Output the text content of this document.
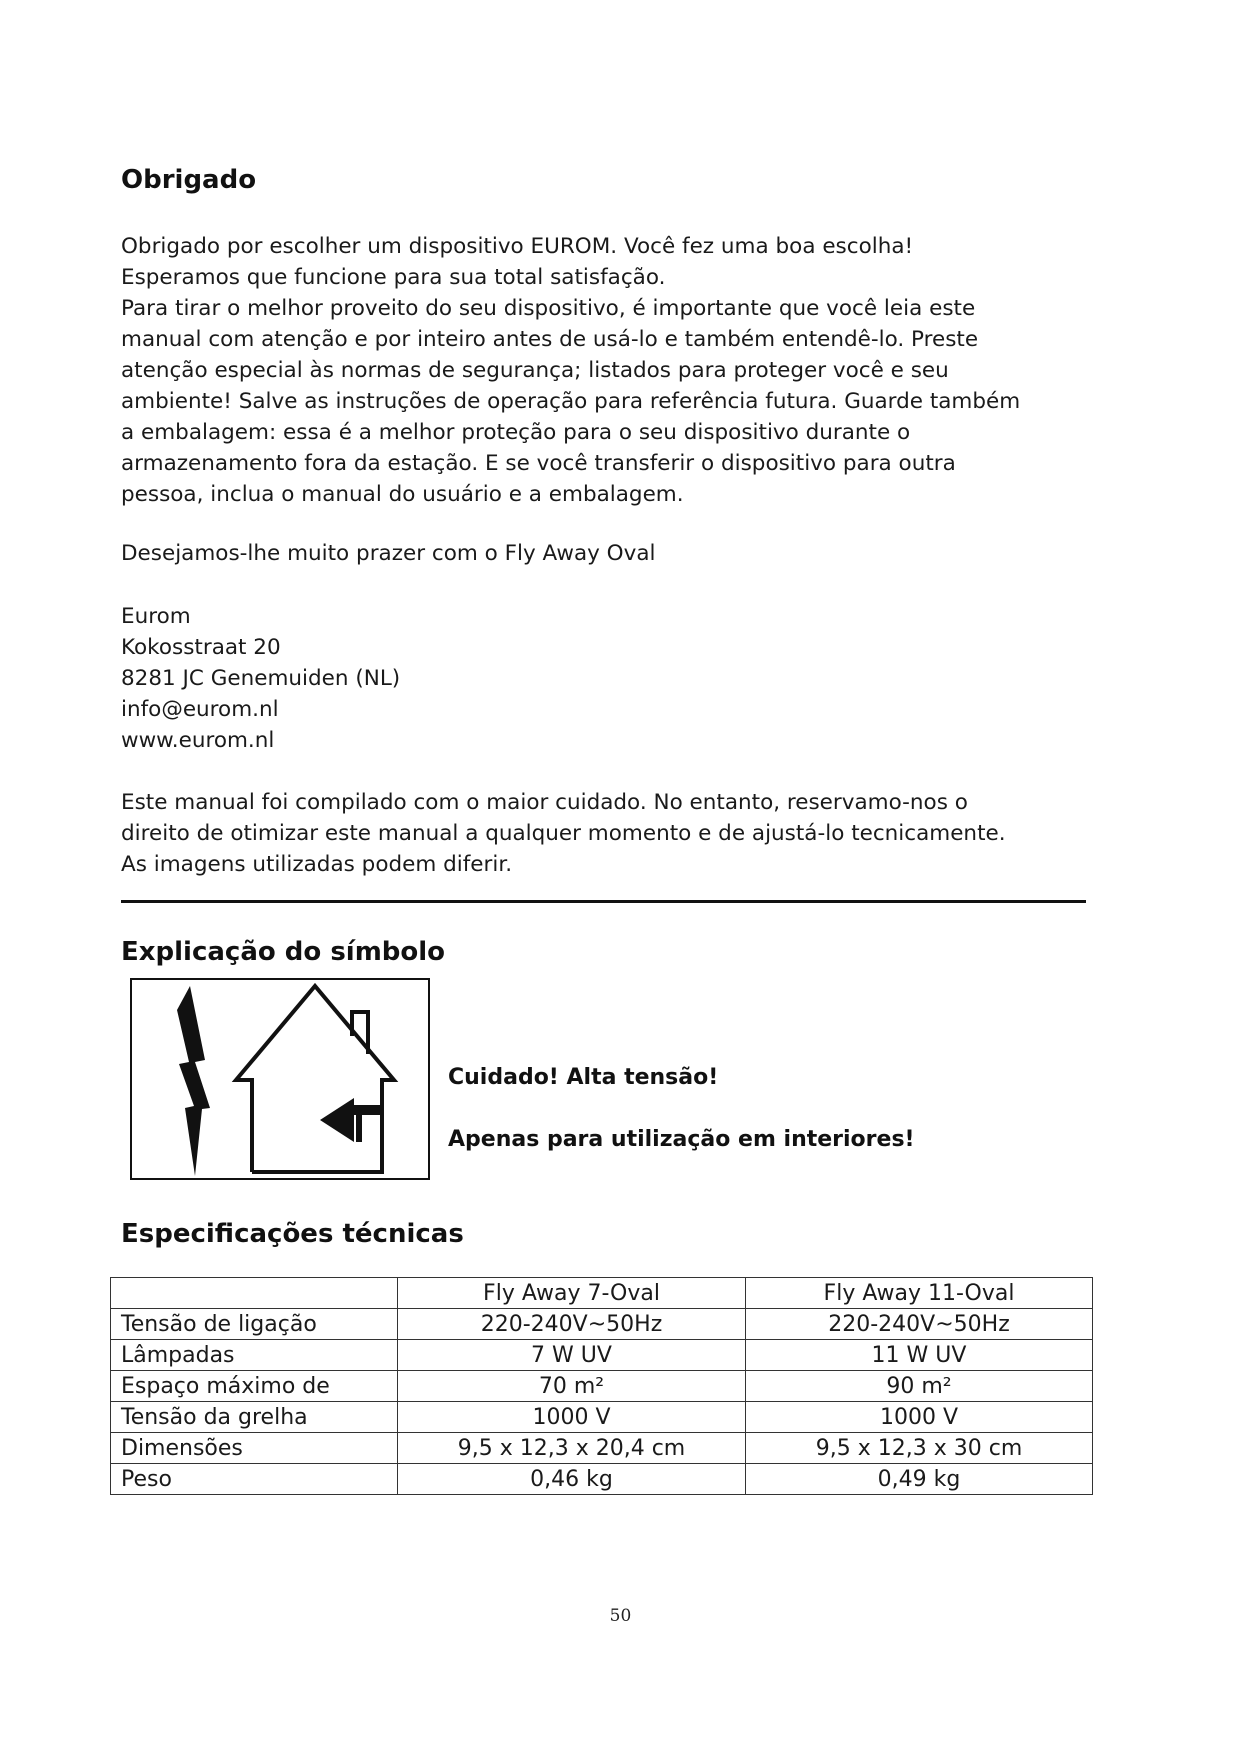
Obrigado
Obrigado por escolher um dispositivo EUROM. Você fez uma boa escolha!
Esperamos que funcione para sua total satisfação.
Para tirar o melhor proveito do seu dispositivo, é importante que você leia este
manual com atenção e por inteiro antes de usá-lo e também entendê-lo. Preste
atenção especial às normas de segurança; listados para proteger você e seu
ambiente! Salve as instruções de operação para referência futura. Guarde também
a embalagem: essa é a melhor proteção para o seu dispositivo durante o
armazenamento fora da estação. E se você transferir o dispositivo para outra
pessoa, inclua o manual do usuário e a embalagem.
Desejamos-lhe muito prazer com o Fly Away Oval
Eurom
Kokosstraat 20
8281 JC Genemuiden (NL)
info@eurom.nl
www.eurom.nl
Este manual foi compilado com o maior cuidado. No entanto, reservamo-nos o
direito de otimizar este manual a qualquer momento e de ajustá-lo tecnicamente.
As imagens utilizadas podem diferir.
Explicação do símbolo
Cuidado! Alta tensão!
Apenas para utilização em interiores!
Especificações técnicas
	Fly Away 7-Oval	Fly Away 11-Oval
Tensão de ligação	220-240V~50Hz	220-240V~50Hz
Lâmpadas	7 W UV	11 W UV
Espaço máximo de	70 m²	90 m²
Tensão da grelha	1000 V	1000 V
Dimensões	9,5 x 12,3 x 20,4 cm	9,5 x 12,3 x 30 cm
Peso	0,46 kg	0,49 kg
50
